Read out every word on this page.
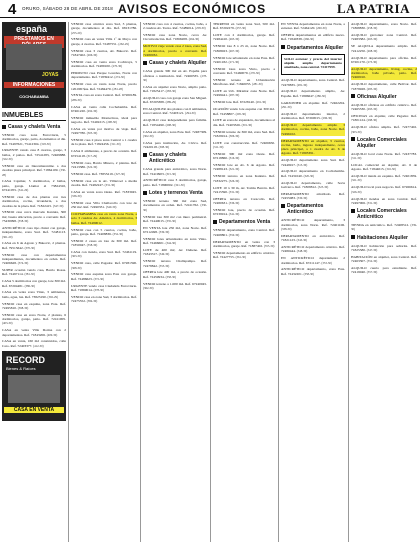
4 ORURO, SÁBADO 28 DE ABRIL DE 2018 AVISOS ECONÓMICOS	LA PATRIA
españa
PRESTAMOS EN
JOYAS
INFORMACIONES
COCHABAMBA
INMUEBLES
Casas y chalets Venta

VENDO casa zona Ferroviaria, 5 dormitorios, garaje, patio, documentos al día. Ref. 72497621, 75412304. (318-30)

URGENTE vendo casa 8 cuartos, garaje, 3 baños, 2 patios. Ref. 72541283, 72469888. (322-30)

VENDO casa en Intecamerentino a dos cuadras plaza principal. Ref. 71864109. (330-28)

CASA Cajamar, 5 dormitorios, 2 baños, patio, garaje. Llamar al 73824310, 67241055. (341-29)

VENDO casa de dos plantas con tres dormitorios, cocina, lavandería, a dos cuadras de la plaza. Ref. 71822415. (347-30)

VENDO casa cerca mercado Kantuta, 300 m2, buena ubicación, precio a convenir. Ref. 75430098. (358-30)

ANTICRÉTICO casa tipo chalet con garaje, independiente, zona Sud. Ref. 72481113. (361-29)

CASA en 6 de Agosto y Bakovic, 2 plantas. Ref. 79515642. (370-30)

VENDO casa con departamentos independientes, documentos en orden. Ref. 72406628. (374-30)

SUPER ocasión vendo casa, Barrio Rosas. Ref. 72497114. (381-30)

CASA 5 dormitorios con garaje, lote 300 m2. Ref. 67204481. (386-30)

CASA en venta zona Vinto, 3 ambientes, baño, agua, luz. Ref. 73823190. (392-29)

VENDO casa en esquina, zona Este. Ref. 72495810. (398-30)

VENDO casa en zona Norte, 2 plantas, 6 dormitorios, garaje, patio. Ref. 72411005. (403-30)

CASA en venta Villa Dorina con 2 departamentos. Ref. 71843206. (409-30)

CASA en venta, 160 m2 construidos, calle Caro. Ref. 72403377. (412-30)

RECORD
Bienes & Raíces
CASA EN VENTA

VENDO casa céntrica zona Sud, 3 plantas, garaje, documentos al día. Ref. 68131786. (255-29)

VENDO casa en venta Villa 1º de Mayo con garaje, 4 cuartos. Ref. 72487551. (262-29)

VENDO casa 3 cuartos, Av. Bakovic. Ref. 71847402. (266-30)

VENDO casa en venta zona Cochiraya, 5 dormitorios. Ref. 72489100. (270-30)

PERMUTO casa Parque Lourdes, Norte con departamento. Ref. 71839412. (274-30)

VENDO casa en venta zona Norte, precio 120.000 $us. Ref. 72484470. (281-28)

VENTA casa en zona Central. Ref. 67200189. (286-30)

CASA en venta calle Cochabamba. Ref. 67461220. (292-30)

VENDO inmueble Montecinos, ideal para negocio. Ref. 72402215. (298-30)

CASA en venta por motivo de viaje. Ref. 72497780. (305-30)

VENDO casa 2 pisos zona Central a 1 cuadra de la plaza. Ref. 71824456. (311-30)

CASA 6 ambientes, a precio de ocasión. Ref. 67254118. (317-29)

VENDO casa, Barrio Minero, 2 plantas. Ref. 72413386. (322-30)

VENDO casa. Ref. 73855219. (327-30)

VENDO casa en la Av. Villarroel a media cuadra. Ref. 72482247. (331-30)

CASA en venta zona Oeste. Ref. 71833045. (336-30)

VENDO casa Villa Challacollo con lote de 250 m2. Ref. 72490331. (340-30)

COCHABAMBA casa en venta zona Norte, a solo 3 cuadras Av. América, 4 dormitorios, 3 baños. Ref. 72499012.

VENDO casa con 5 cuartos, cocina, baño, patio, garaje. Ref. 72408836. (352-30)

VENDO 2 casas en lote de 300 m2. Ref. 71850047. (358-30)

CASA con tienda, zona Sud. Ref. 72461119. (363-30)

VENDO casa, calle Pagador. Ref. 67281590. (368-30)

VENDO casa esquina zona Este con garaje. Ref. 72486623. (372-30)

URGENTE vendo casa Ciudadela Ferroviaria. Ref. 71869014. (378-30)

VENDO casa en zona Sud, 3 dormitorios. Ref. 72475552. (384-30)

VENDO casa con 4 cuartos, cocina, baño, a 2 cuadras Av. Tacna. Ref. 72489014. (258-30)

VENDO casa zona Norte, cerca Av. Circunvalación. Ref. 71866208. (264-30)

MOTIVO viaje vendo casa 2 lotes, zona Sud, 4 dormitorios, precio a convenir. Ref. 72480032.

Casas y chalets Alquiler

CASA grande 300 m2 en Av. España para oficinas o institución. Ref. 72460335. (278-30)

CASA en alquiler zona Norte, amplio patio. Ref. 71825417. (283-30)

ALQUILO casa con garaje zona San Miguel. Ref. 67203388. (289-29)

EN ALQUILER dos plantas con 6 ambientes, zona Central. Ref. 72403121. (294-30)

ALQUILO casa independiente para familia. Ref. 71854490. (298-30)

CASA en alquiler, zona Este. Ref. 72487309. (302-30)

CASA para institución, Av. Cívica. Ref. 72420118. (308-30)

Casas y chalets Anticrético

CASA grande para anticrético, zona Norte. Ref. 72419903. (315-30)

ANTICRÉTICO casa 3 dormitorios, garaje, patio. Ref. 71890002. (321-30)

Lotes y terrenos Venta

VENDO terreno 360 m2 zona Sud, documentos en orden. Ref. 72411762. (330-30)

VENDO lote 300 m2 con muro perimetral. Ref. 72440015. (335-30)

EN VENTA lote 250 m2, zona Norte. Ref. 67212498. (339-30)

VENDO lotes urbanizados en zona Vinto. Ref. 72466601. (344-30)

LOTE de 400 m2, Av. Dehene. Ref. 71843317. (349-30)

VENDO terreno Challapampa. Ref. 72478842. (353-30)

OFERTA lote 400 m2, a precio de ocasión. Ref. 72459934. (358-30)

VENDO terreno a 1.000 m2. Ref. 67240045. (362-30)

TERRENO en venta zona Sud, 500 m2. Ref. 67202279. (257-30)

LOTE con 2 dormitorios, garaje. Ref. 72484410. (263-30)

VENDO lote 8 x 25 m, zona Norte. Ref. 71868023. (267-30)

VENDO lote urbanizado en zona Este. Ref. 72401182. (271-30)

VENDO lotes zona Vinto, precio a convenir. Ref. 72460079. (276-30)

VENDO terreno en Urbanización Miraflores. Ref. 71840055. (281-30)

LOTE en Urb. Miramar zona Norte. Ref. 72499441. (287-30)

VENDO lote. Ref. 67228140. (291-30)

OCASIÓN vendo lote esquina con 300 m2. Ref. 72458807. (295-30)

LOTE en zona de expansión, documentos al día. Ref. 72403326. (301-30)

VENDO terreno de 360 m2, zona Sud. Ref. 71829914. (306-30)

LOTE con construcción. Ref. 72406650. (311-30)

VENDO 300 m2 zona Oeste. Ref. 67218860. (316-30)

VENDO lote en Av. 6 de Agosto. Ref. 72488143. (321-30)

VENDO terreno en zona Kantuta. Ref. 71832275. (326-30)

LOTE 10 x 30 m, Av. Tomás Barrón. Ref. 72415590. (331-30)

OFERTA terreno en Caracollo. Ref. 72480631. (336-30)

VENDO lote, precio de ocasión. Ref. 67239914. (341-30)

Departamentos Venta

VENDO departamento, zona Central. Ref. 72468801. (350-30)

DEPARTAMENTO en venta con 3 dormitorios, garaje. Ref. 71887402. (355-30)

VENDO departamento en edificio céntrico. Ref. 72427755. (361-30)

EN VENTA departamentos en zona Norte, a estrenar. Ref. 72464120. (260-30)

OFERTA departamentos en edificio nuevo. Ref. 71840338. (266-30)

Departamentos Alquiler

SOLO estrenar y precio del interior alquilo amplio departamento amoblado, zona central. 72417999.

ALQUILO departamento, zona Central. Ref. 72478835. (281-30)

ALQUILO departamento amplio, Av. España. Ref. 71806647. (286-30)

GARZONIER en alquiler. Ref. 72462204. (291-30)

ALQUILO departamento interior, 2 dormitorios. Ref. 67260015. (296-30)

ALQUILO departamento amplio 3 dormitorios, cocina, baño, zona Norte. Ref. 72496102.

DEPARTAMENTO en alquiler, 3 cuartos, cocina, baño, ingreso independiente, cerca plaza principal, a 1 cuadra de Av. 6 de Agosto. Ref. 71803391.

ALQUILO departamento zona Sud. Ref. 72449917. (315-30)

ALQUILO departamento en Cochabamba. Ref. 72431040. (320-30)

ALQUILO departamento, calle Soria Galvarro. Ref. 71808812. (325-30)

DEPARTAMENTO amoblado. Ref. 72455083. (330-30)

Departamentos Anticrético

ANTICRÉTICO departamento, 3 dormitorios, zona Norte. Ref. 72401106. (338-30)

DEPARTAMENTO en anticrético. Ref. 71821123. (343-30)

ANTICRÉTICO departamento céntrico. Ref. 72480444. (348-30)

EN ANTICRÉTICO departamento 2 dormitorios. Ref. 67211147. (353-30)

ANTICRÉTICO departamento, zona Este. Ref. 72432201. (358-30)

ALQUILO departamento, zona Norte. Ref. 71868830. (258-30)

ALQUILO garzonier zona Central. Ref. 72483382. (263-30)

SE ALQUILA departamento amplio. Ref. 72412250. (268-30)

ALQUILO departamento para oficina. Ref. 67201170. (273-30)

ALQUILO departamento, living, cocina, 2 dormitorios, baño privado, patio. Ref. 72460010.

ALQUILO departamento, calle Bolívar. Ref. 71879928. (285-30)

Oficinas Alquiler

ALQUILO oficinas en edificio céntrico. Ref. 72465530. (293-30)

OFICINAS en alquiler, calle Pagador. Ref. 71801124. (298-30)

ALQUILO oficina amplia. Ref. 72477402. (303-30)

Locales Comerciales Alquiler

ALQUILO local zona Norte. Ref. 72437783. (311-30)

LOCAL comercial en alquiler, Av. 6 de Agosto. Ref. 71844015. (316-30)

ALQUILO tienda en esquina. Ref. 72401859. (321-30)

ALQUILO local para negocio. Ref. 67266614. (326-30)

ALQUILO tiendas en zona Central. Ref. 72497006. (331-30)

Locales Comerciales Anticrético

TIENDA en anticrético. Ref. 72408512. (339-30)

Habitaciones Alquiler

ALQUILO habitación para señorita. Ref. 71825580. (347-30)

HABITACIÓN en alquiler, zona Central. Ref. 72463307. (352-30)

ALQUILO cuarto para estudiante. Ref. 72419040. (357-30)
